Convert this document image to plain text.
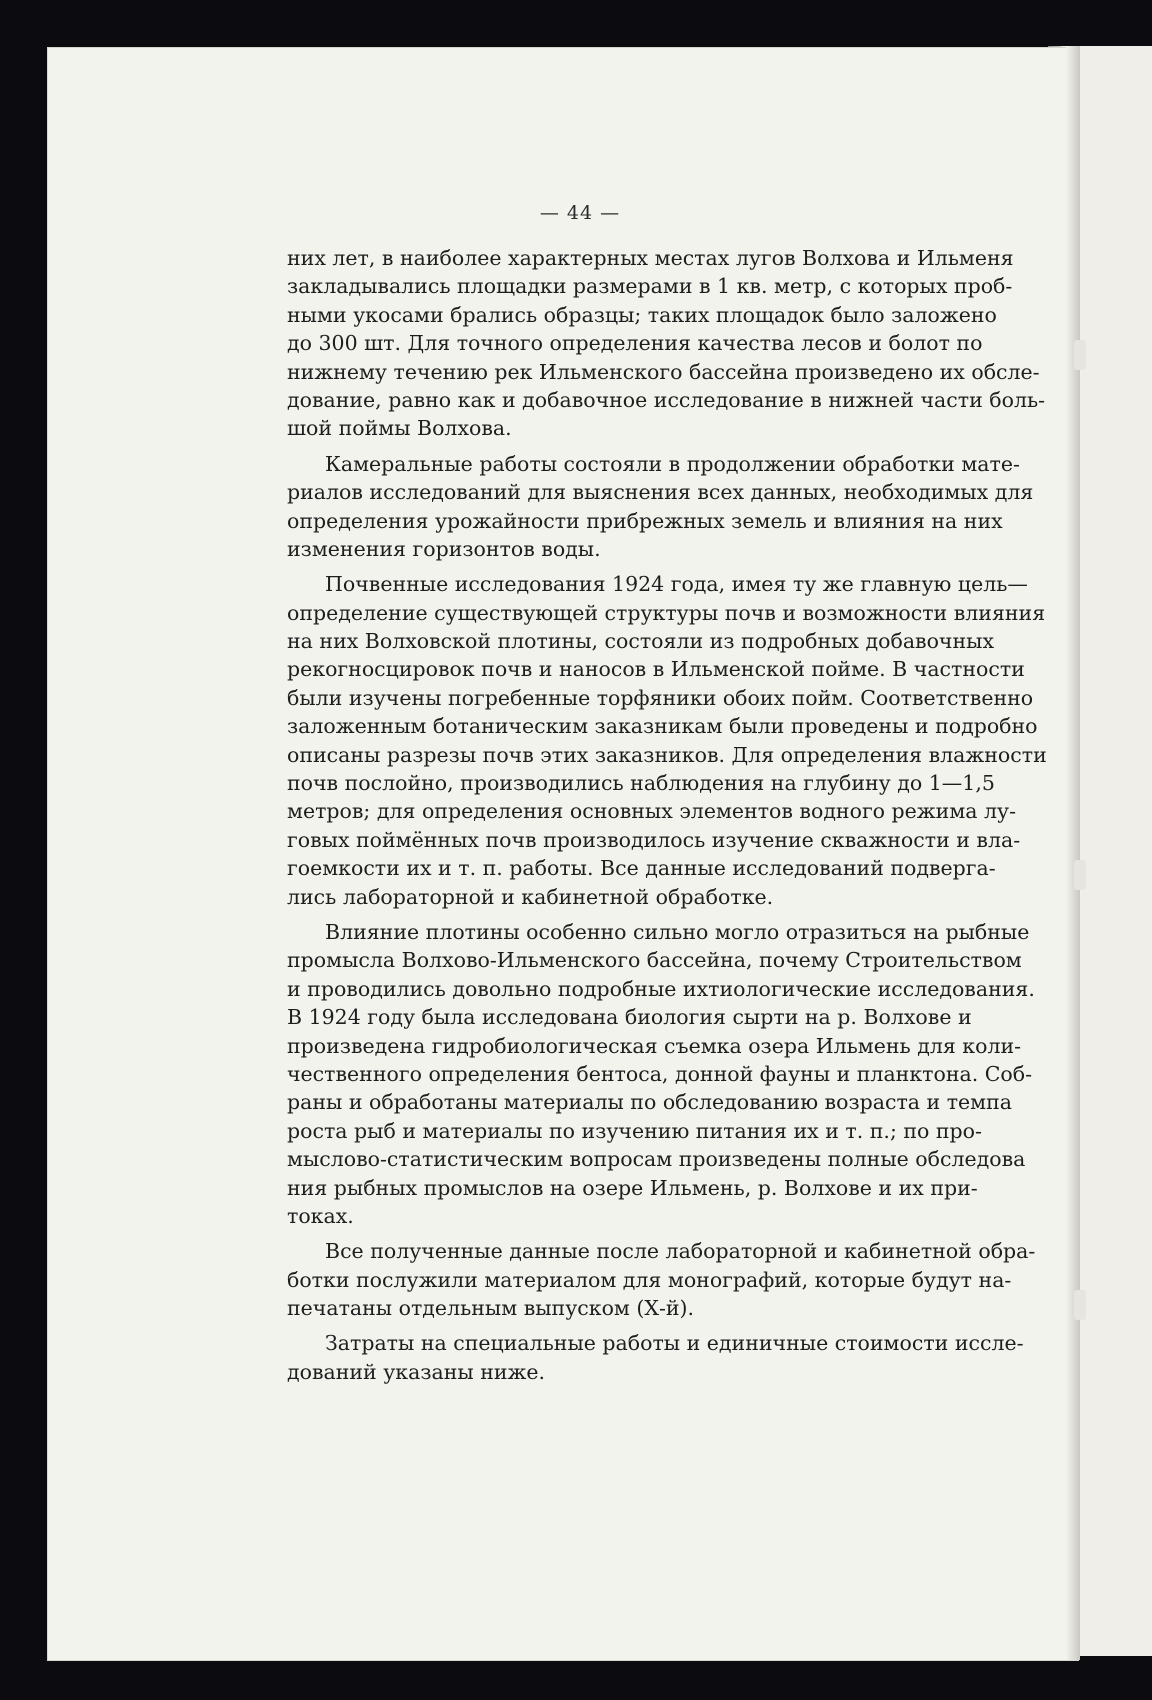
— 44 —
них лет, в наиболее характерных местах лугов Волхова и Ильменя
закладывались площадки размерами в 1 кв. метр, с которых проб-
ными укосами брались образцы; таких площадок было заложено
до 300 шт. Для точного определения качества лесов и болот по
нижнему течению рек Ильменского бассейна произведено их обсле-
дование, равно как и добавочное исследование в нижней части боль-
шой поймы Волхова.
Камеральные работы состояли в продолжении обработки мате-
риалов исследований для выяснения всех данных, необходимых для
определения урожайности прибрежных земель и влияния на них
изменения горизонтов воды.
Почвенные исследования 1924 года, имея ту же главную цель—
определение существующей структуры почв и возможности влияния
на них Волховской плотины, состояли из подробных добавочных
рекогносцировок почв и наносов в Ильменской пойме. В частности
были изучены погребенные торфяники обоих пойм. Соответственно
заложенным ботаническим заказникам были проведены и подробно
описаны разрезы почв этих заказников. Для определения влажности
почв послойно, производились наблюдения на глубину до 1—1,5
метров; для определения основных элементов водного режима лу-
говых поймённых почв производилось изучение скважности и вла-
гоемкости их и т. п. работы. Все данные исследований подверга-
лись лабораторной и кабинетной обработке.
Влияние плотины особенно сильно могло отразиться на рыбные
промысла Волхово-Ильменского бассейна, почему Строительством
и проводились довольно подробные ихтиологические исследования.
В 1924 году была исследована биология сырти на р. Волхове и
произведена гидробиологическая съемка озера Ильмень для коли-
чественного определения бентоса, донной фауны и планктона. Соб-
раны и обработаны материалы по обследованию возраста и темпа
роста рыб и материалы по изучению питания их и т. п.; по про-
мыслово-статистическим вопросам произведены полные обследова
ния рыбных промыслов на озере Ильмень, р. Волхове и их при-
токах.
Все полученные данные после лабораторной и кабинетной обра-
ботки послужили материалом для монографий, которые будут на-
печатаны отдельным выпуском (Х-й).
Затраты на специальные работы и единичные стоимости иссле-
дований указаны ниже.
